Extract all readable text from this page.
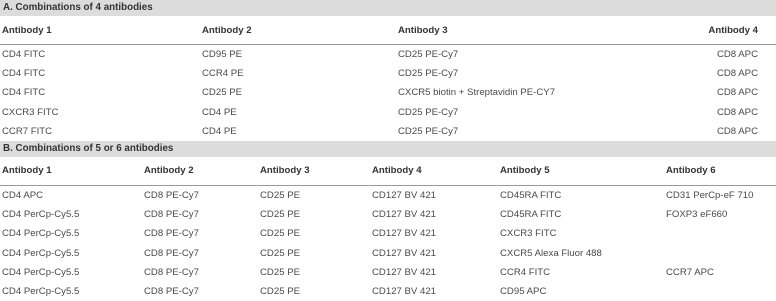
A. Combinations of 4 antibodies
Antibody 1	Antibody 2	Antibody 3	Antibody 4
CD4 FITC	CD95 PE	CD25 PE-Cy7	CD8 APC
CD4 FITC	CCR4 PE	CD25 PE-Cy7	CD8 APC
CD4 FITC	CD25 PE	CXCR5 biotin + Streptavidin PE-CY7	CD8 APC
CXCR3 FITC	CD4 PE	CD25 PE-Cy7	CD8 APC
CCR7 FITC	CD4 PE	CD25 PE-Cy7	CD8 APC
B. Combinations of 5 or 6 antibodies
Antibody 1	Antibody 2	Antibody 3	Antibody 4	Antibody 5	Antibody 6
CD4 APC	CD8 PE-Cy7	CD25 PE	CD127 BV 421	CD45RA FITC	CD31 PerCp-eF 710
CD4 PerCp-Cy5.5	CD8 PE-Cy7	CD25 PE	CD127 BV 421	CD45RA FITC	FOXP3 eF660
CD4 PerCp-Cy5.5	CD8 PE-Cy7	CD25 PE	CD127 BV 421	CXCR3 FITC	
CD4 PerCp-Cy5.5	CD8 PE-Cy7	CD25 PE	CD127 BV 421	CXCR5 Alexa Fluor 488	
CD4 PerCp-Cy5.5	CD8 PE-Cy7	CD25 PE	CD127 BV 421	CCR4 FITC	CCR7 APC
CD4 PerCp-Cy5.5	CD8 PE-Cy7	CD25 PE	CD127 BV 421	CD95 APC	
